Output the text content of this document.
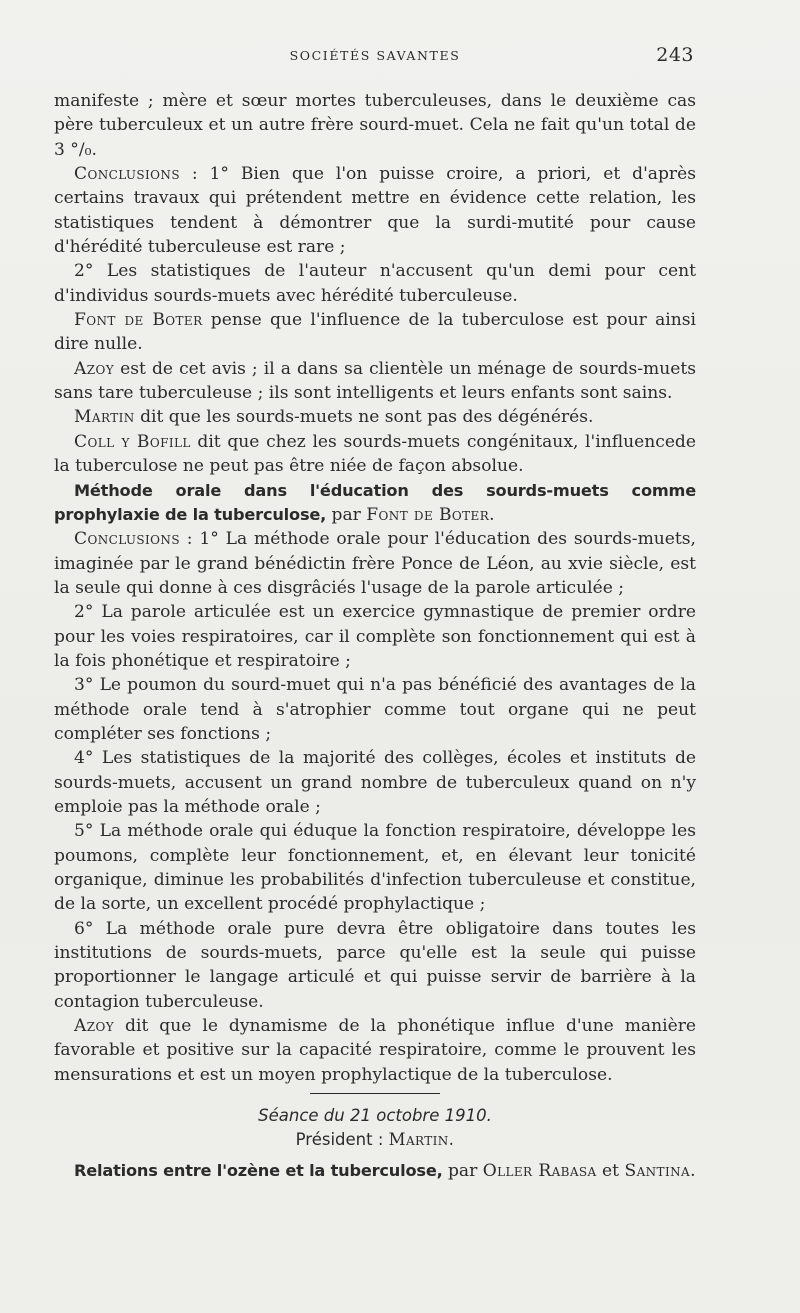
SOCIÉTÉS SAVANTES	243

manifeste ; mère et sœur mortes tuberculeuses, dans le deuxième cas père tuberculeux et un autre frère sourd-muet. Cela ne fait qu'un total de 3 °/₀.

Conclusions : 1° Bien que l'on puisse croire, a priori, et d'après certains travaux qui prétendent mettre en évidence cette relation, les statistiques tendent à démontrer que la surdi-mutité pour cause d'hérédité tuberculeuse est rare ;

2° Les statistiques de l'auteur n'accusent qu'un demi pour cent d'individus sourds-muets avec hérédité tuberculeuse.

Font de Boter pense que l'influence de la tuberculose est pour ainsi dire nulle.

Azoy est de cet avis ; il a dans sa clientèle un ménage de sourds-muets sans tare tuberculeuse ; ils sont intelligents et leurs enfants sont sains.

Martin dit que les sourds-muets ne sont pas des dégénérés.

Coll y Bofill dit que chez les sourds-muets congénitaux, l'influencede la tuberculose ne peut pas être niée de façon absolue.

Méthode orale dans l'éducation des sourds-muets comme prophylaxie de la tuberculose, par Font de Boter.

Conclusions : 1° La méthode orale pour l'éducation des sourds-muets, imaginée par le grand bénédictin frère Ponce de Léon, au xvie siècle, est la seule qui donne à ces disgrâciés l'usage de la parole articulée ;

2° La parole articulée est un exercice gymnastique de premier ordre pour les voies respiratoires, car il complète son fonctionnement qui est à la fois phonétique et respiratoire ;

3° Le poumon du sourd-muet qui n'a pas bénéficié des avantages de la méthode orale tend à s'atrophier comme tout organe qui ne peut compléter ses fonctions ;

4° Les statistiques de la majorité des collèges, écoles et instituts de sourds-muets, accusent un grand nombre de tuberculeux quand on n'y emploie pas la méthode orale ;

5° La méthode orale qui éduque la fonction respiratoire, développe les poumons, complète leur fonctionnement, et, en élevant leur tonicité organique, diminue les probabilités d'infection tuberculeuse et constitue, de la sorte, un excellent procédé prophylactique ;

6° La méthode orale pure devra être obligatoire dans toutes les institutions de sourds-muets, parce qu'elle est la seule qui puisse proportionner le langage articulé et qui puisse servir de barrière à la contagion tuberculeuse.

Azoy dit que le dynamisme de la phonétique influe d'une manière favorable et positive sur la capacité respiratoire, comme le prouvent les mensurations et est un moyen prophylactique de la tuberculose.

Séance du 21 octobre 1910.

Président : Martin.

Relations entre l'ozène et la tuberculose, par Oller Rabasa et Santina.
